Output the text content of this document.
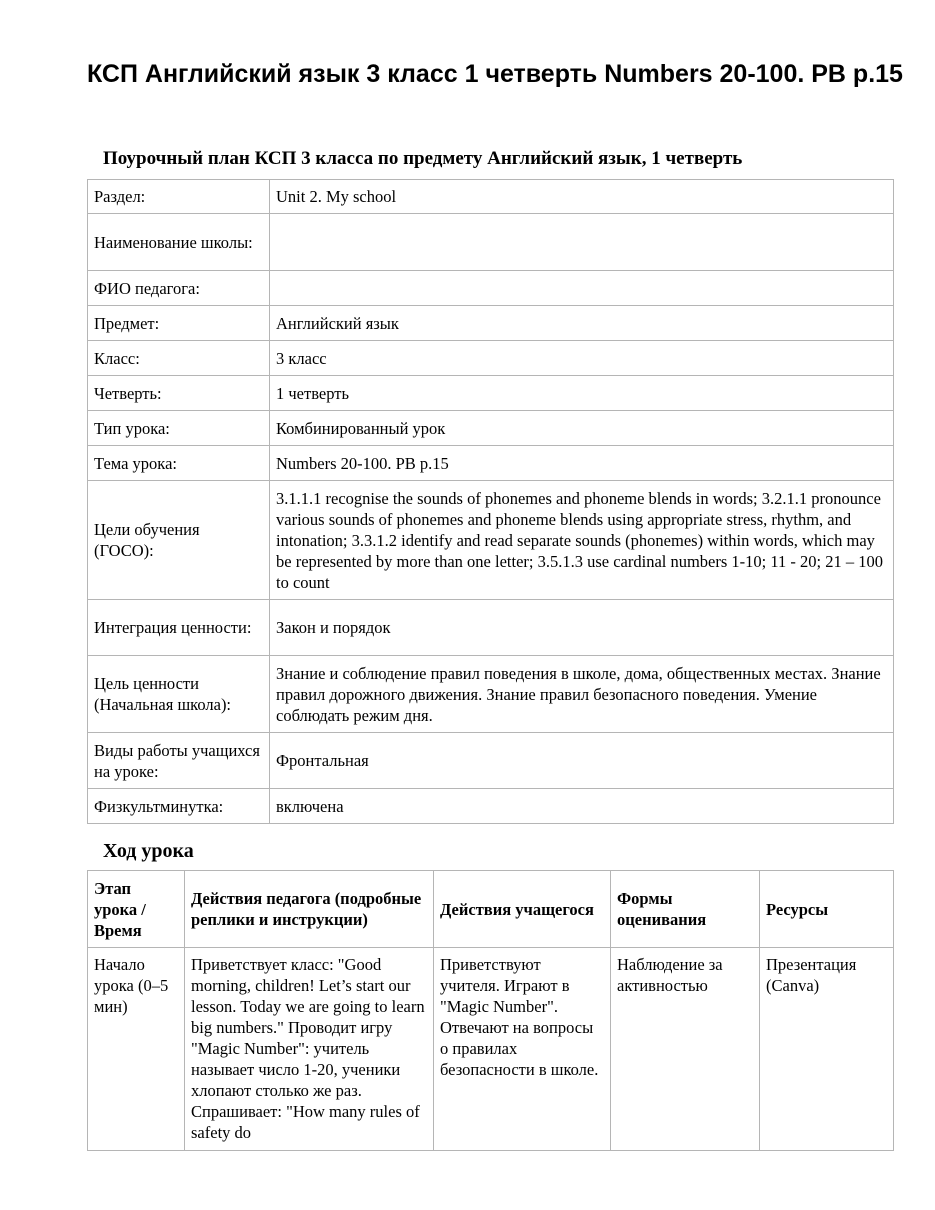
КСП Английский язык 3 класс 1 четверть Numbers 20-100. PB p.15
Поурочный план КСП 3 класса по предмету Английский язык, 1 четверть
Раздел:	Unit 2. My school
Наименование школы:	
ФИО педагога:	
Предмет:	Английский язык
Класс:	3 класс
Четверть:	1 четверть
Тип урока:	Комбинированный урок
Тема урока:	Numbers 20-100. PB p.15
Цели обучения (ГОСО):	3.1.1.1 recognise the sounds of phonemes and phoneme blends in words; 3.2.1.1 pronounce various sounds of phonemes and phoneme blends using appropriate stress, rhythm, and intonation; 3.3.1.2 identify and read separate sounds (phonemes) within words, which may be represented by more than one letter; 3.5.1.3 use cardinal numbers 1-10; 11 - 20; 21 – 100 to count
Интеграция ценности:	Закон и порядок
Цель ценности (Начальная школа):	Знание и соблюдение правил поведения в школе, дома, общественных местах. Знание правил дорожного движения. Знание правил безопасного поведения. Умение соблюдать режим дня.
Виды работы учащихся на уроке:	Фронтальная
Физкультминутка:	включена
Ход урока
Этап урока / Время	Действия педагога (подробные реплики и инструкции)	Действия учащегося	Формы оценивания	Ресурсы
Начало урока (0–5 мин)	Приветствует класс: "Good morning, children! Let’s start our lesson. Today we are going to learn big numbers." Проводит игру "Magic Number": учитель называет число 1-20, ученики хлопают столько же раз. Спрашивает: "How many rules of safety do	Приветствуют учителя. Играют в "Magic Number". Отвечают на вопросы о правилах безопасности в школе.	Наблюдение за активностью	Презентация (Canva)
